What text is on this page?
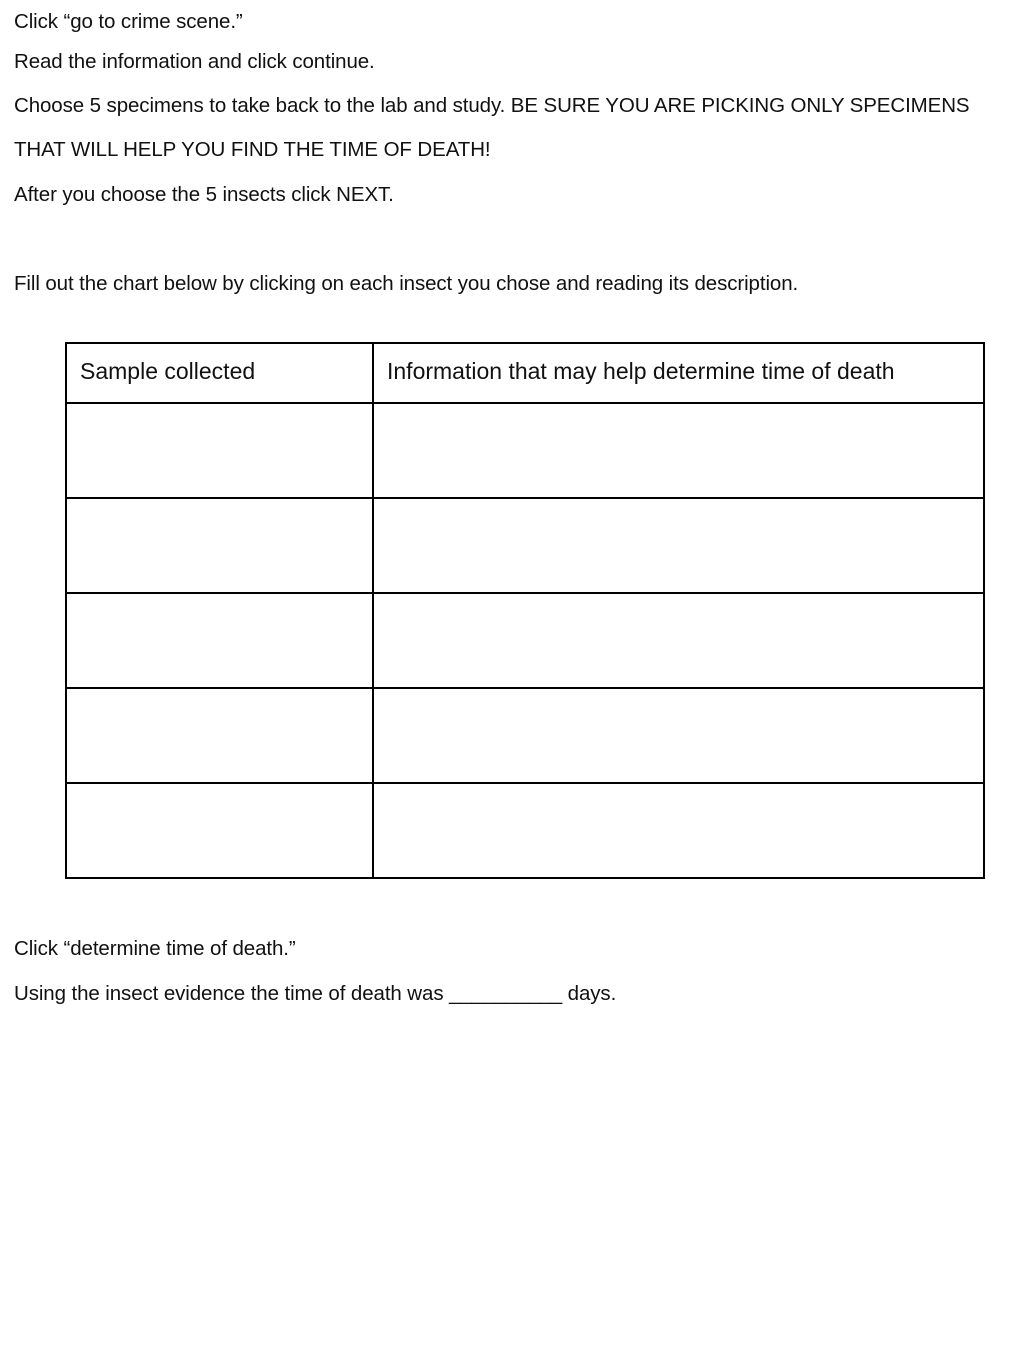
Click “go to crime scene.”
Read the information and click continue.
Choose 5 specimens to take back to the lab and study. BE SURE YOU ARE PICKING ONLY SPECIMENS
THAT WILL HELP YOU FIND THE TIME OF DEATH!
After you choose the 5 insects click NEXT.
Fill out the chart below by clicking on each insect you chose and reading its description.
Sample collected	Information that may help determine time of death

Click “determine time of death.”
Using the insect evidence the time of death was __________ days.
